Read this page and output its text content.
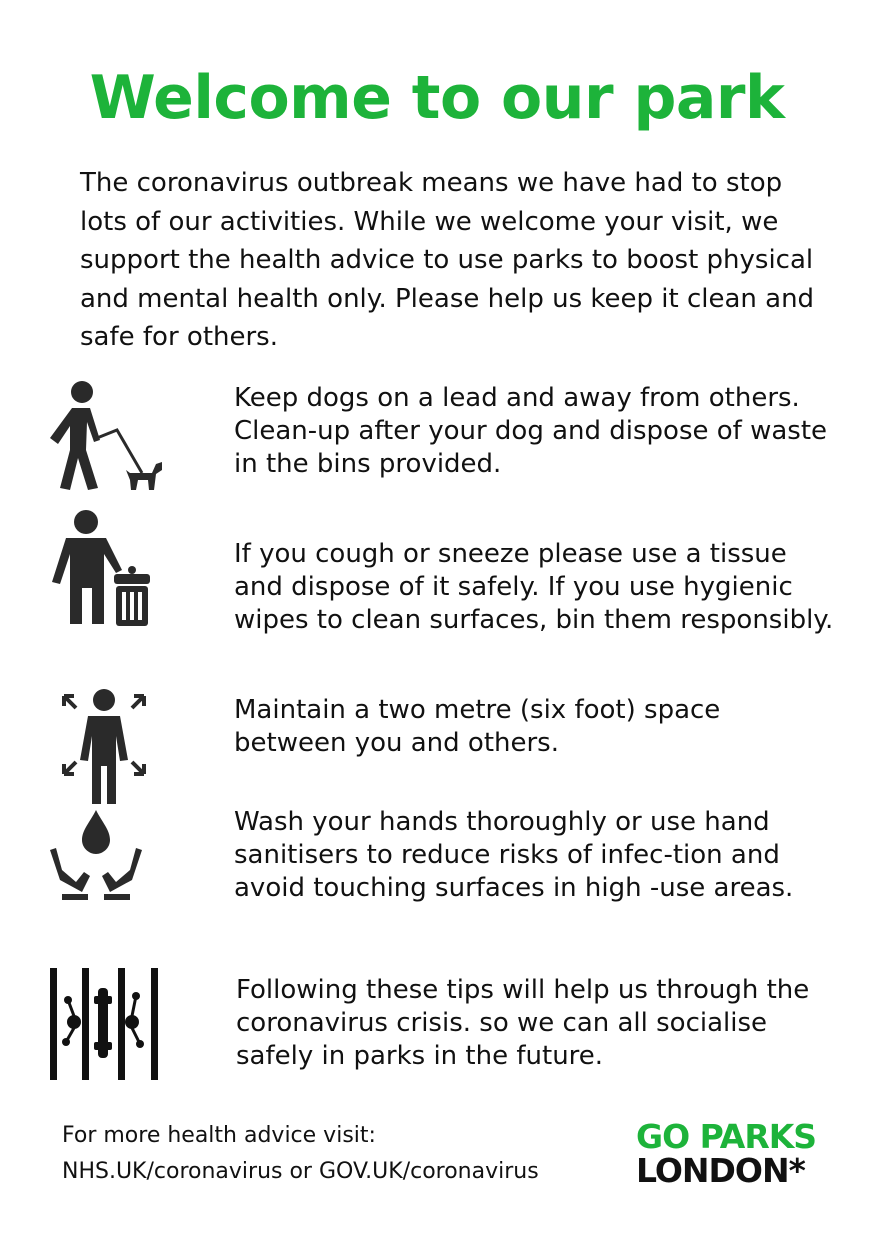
Welcome to our park
The coronavirus outbreak means we have had to stop lots of our activities. While we welcome your visit, we support the health advice to use parks to boost physical and mental health only. Please help us keep it clean and safe for others.
Keep dogs on a lead and away from others. Clean-up after your dog and dispose of waste in the bins provided.
If you cough or sneeze please use a tissue and dispose of it safely. If you use hygienic wipes to clean surfaces, bin them responsibly.
Maintain a two metre (six foot) space between you and others.
Wash your hands thoroughly or use hand sanitisers to reduce risks of infec-tion and avoid touching surfaces in high -use areas.
Following these tips will help us through the coronavirus crisis. so we can all socialise safely in parks in the future.
For more health advice visit:
NHS.UK/coronavirus or GOV.UK/coronavirus
GO PARKS
LONDON*
